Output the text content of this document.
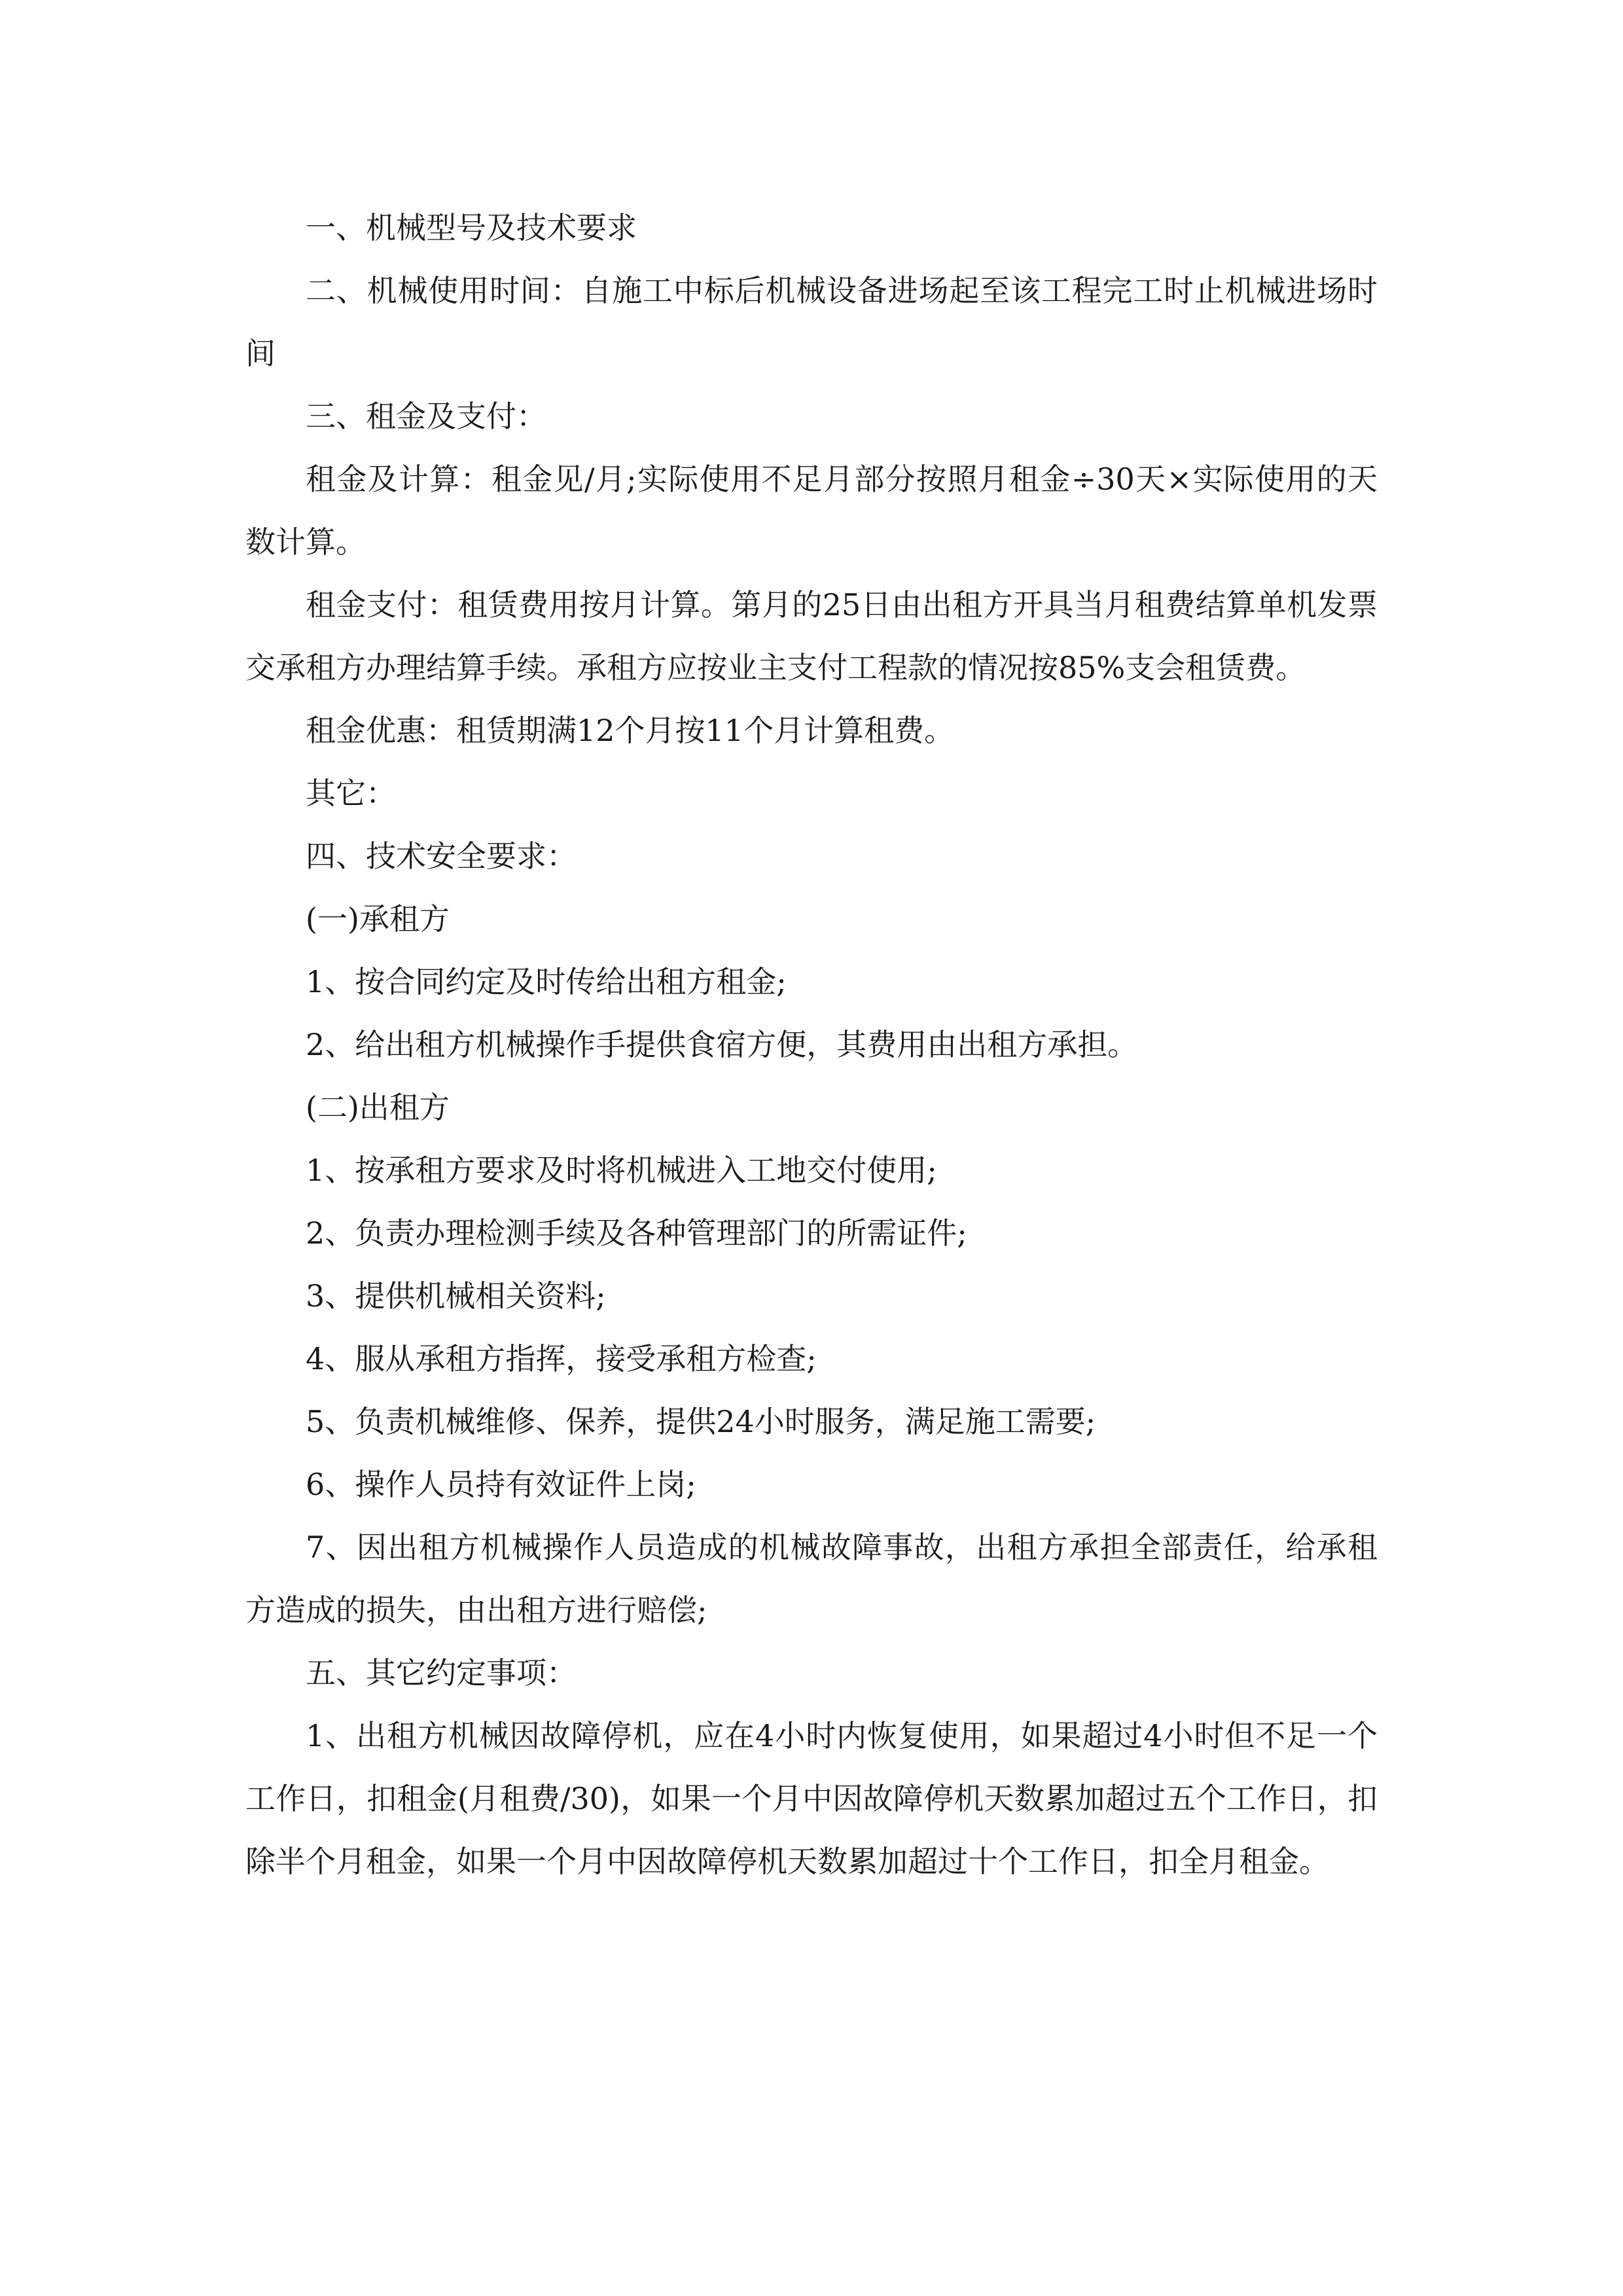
一、机械型号及技术要求

二、机械使用时间：自施工中标后机械设备进场起至该工程完工时止机械进场时间

三、租金及支付：

租金及计算：租金见/月;实际使用不足月部分按照月租金÷30天×实际使用的天数计算。

租金支付：租赁费用按月计算。第月的25日由出租方开具当月租费结算单机发票交承租方办理结算手续。承租方应按业主支付工程款的情况按85%支会租赁费。

租金优惠：租赁期满12个月按11个月计算租费。

其它：

四、技术安全要求：

(一)承租方

1、按合同约定及时传给出租方租金;

2、给出租方机械操作手提供食宿方便，其费用由出租方承担。

(二)出租方

1、按承租方要求及时将机械进入工地交付使用;

2、负责办理检测手续及各种管理部门的所需证件;

3、提供机械相关资料;

4、服从承租方指挥，接受承租方检查;

5、负责机械维修、保养，提供24小时服务，满足施工需要;

6、操作人员持有效证件上岗;

7、因出租方机械操作人员造成的机械故障事故，出租方承担全部责任，给承租方造成的损失，由出租方进行赔偿;

五、其它约定事项：

1、出租方机械因故障停机，应在4小时内恢复使用，如果超过4小时但不足一个工作日，扣租金(月租费/30)，如果一个月中因故障停机天数累加超过五个工作日，扣除半个月租金，如果一个月中因故障停机天数累加超过十个工作日，扣全月租金。
